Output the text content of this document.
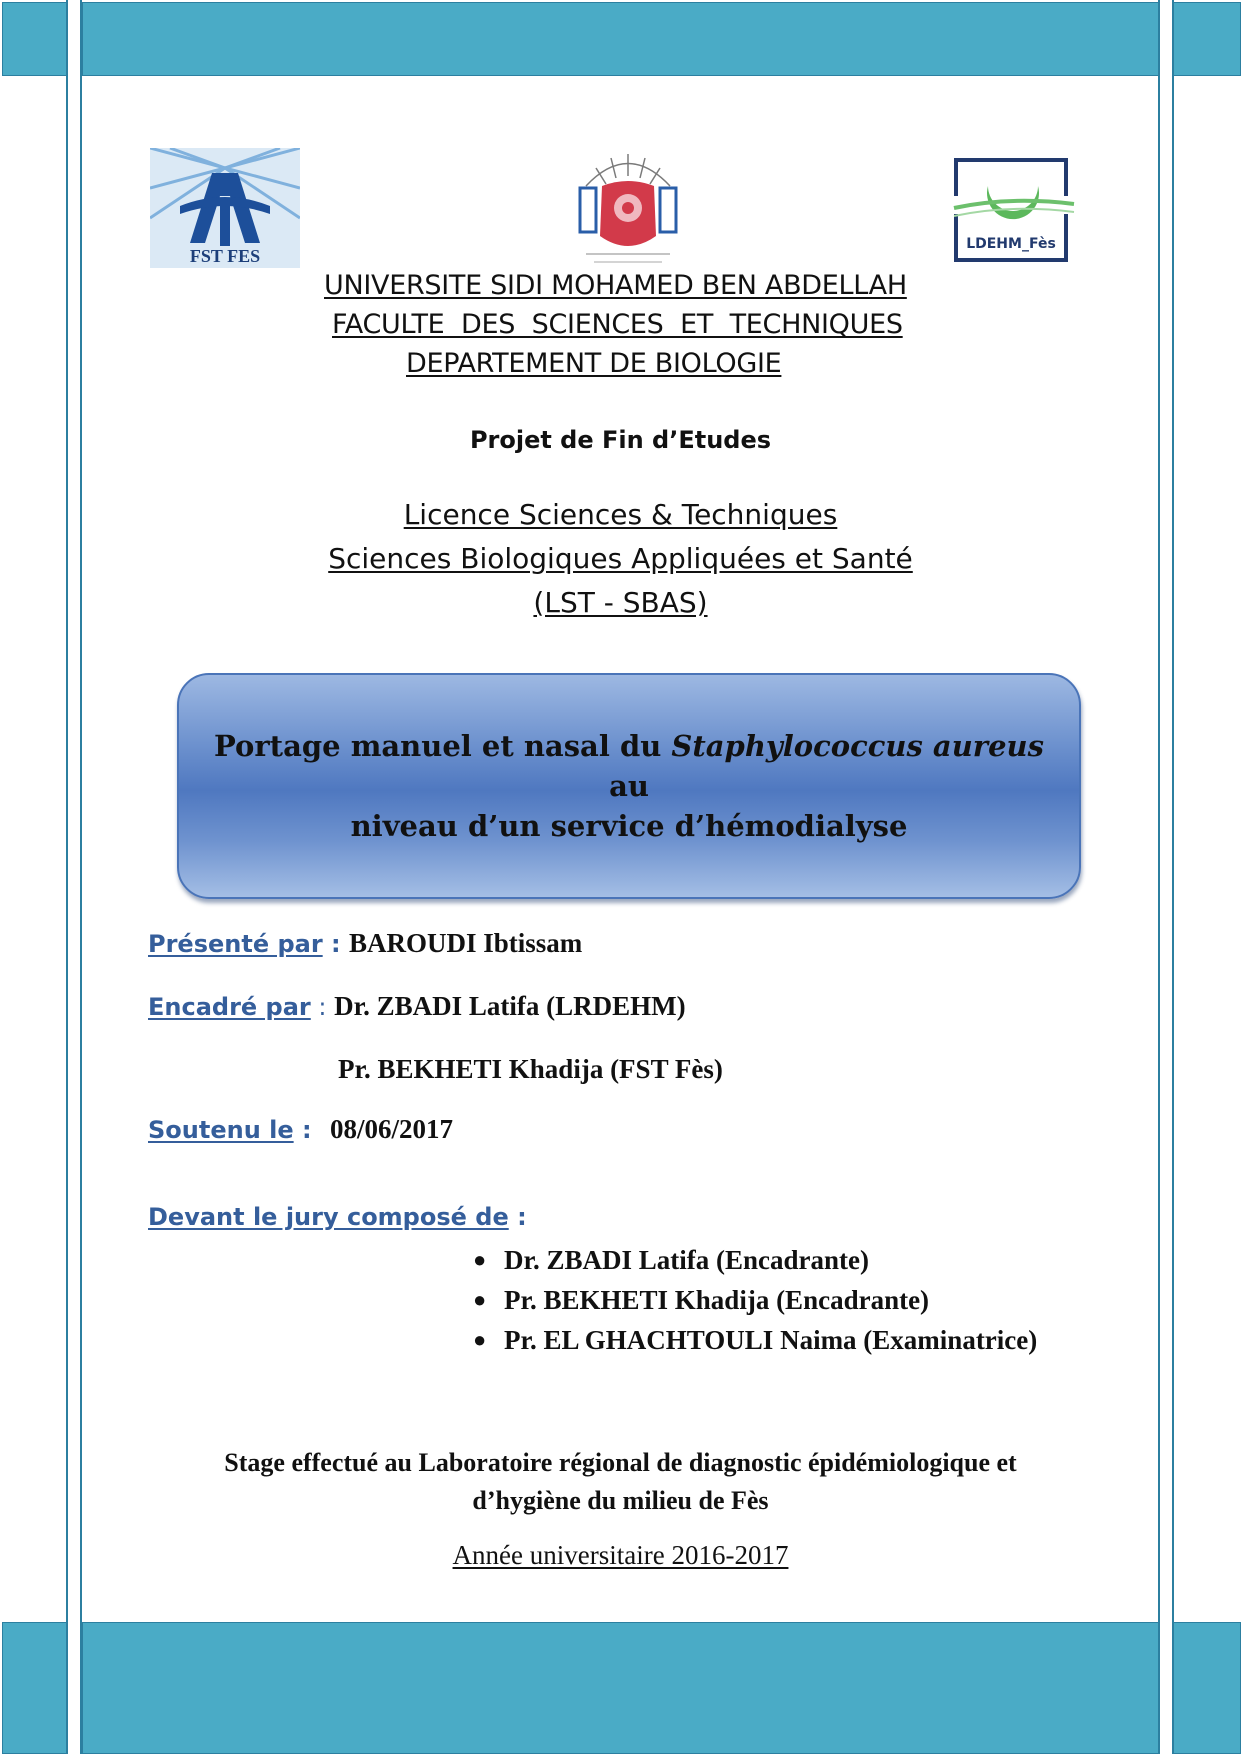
FST FES
LDEHM_Fès
UNIVERSITE SIDI MOHAMED BEN ABDELLAH
FACULTE  DES  SCIENCES  ET  TECHNIQUES
DEPARTEMENT DE BIOLOGIE
Projet de Fin d’Etudes
Licence Sciences & Techniques
Sciences Biologiques Appliquées et Santé
(LST - SBAS)
Portage manuel et nasal du Staphylococcus aureus au
niveau d’un service d’hémodialyse
Présenté par : BAROUDI Ibtissam
Encadré par : Dr. ZBADI Latifa (LRDEHM)
Pr. BEKHETI Khadija (FST Fès)
Soutenu le : 08/06/2017
Devant le jury composé de :
● Dr. ZBADI Latifa (Encadrante)
● Pr. BEKHETI Khadija (Encadrante)
● Pr. EL GHACHTOULI Naima (Examinatrice)
Stage effectué au Laboratoire régional de diagnostic épidémiologique et
d’hygiène du milieu de Fès
Année universitaire 2016-2017
